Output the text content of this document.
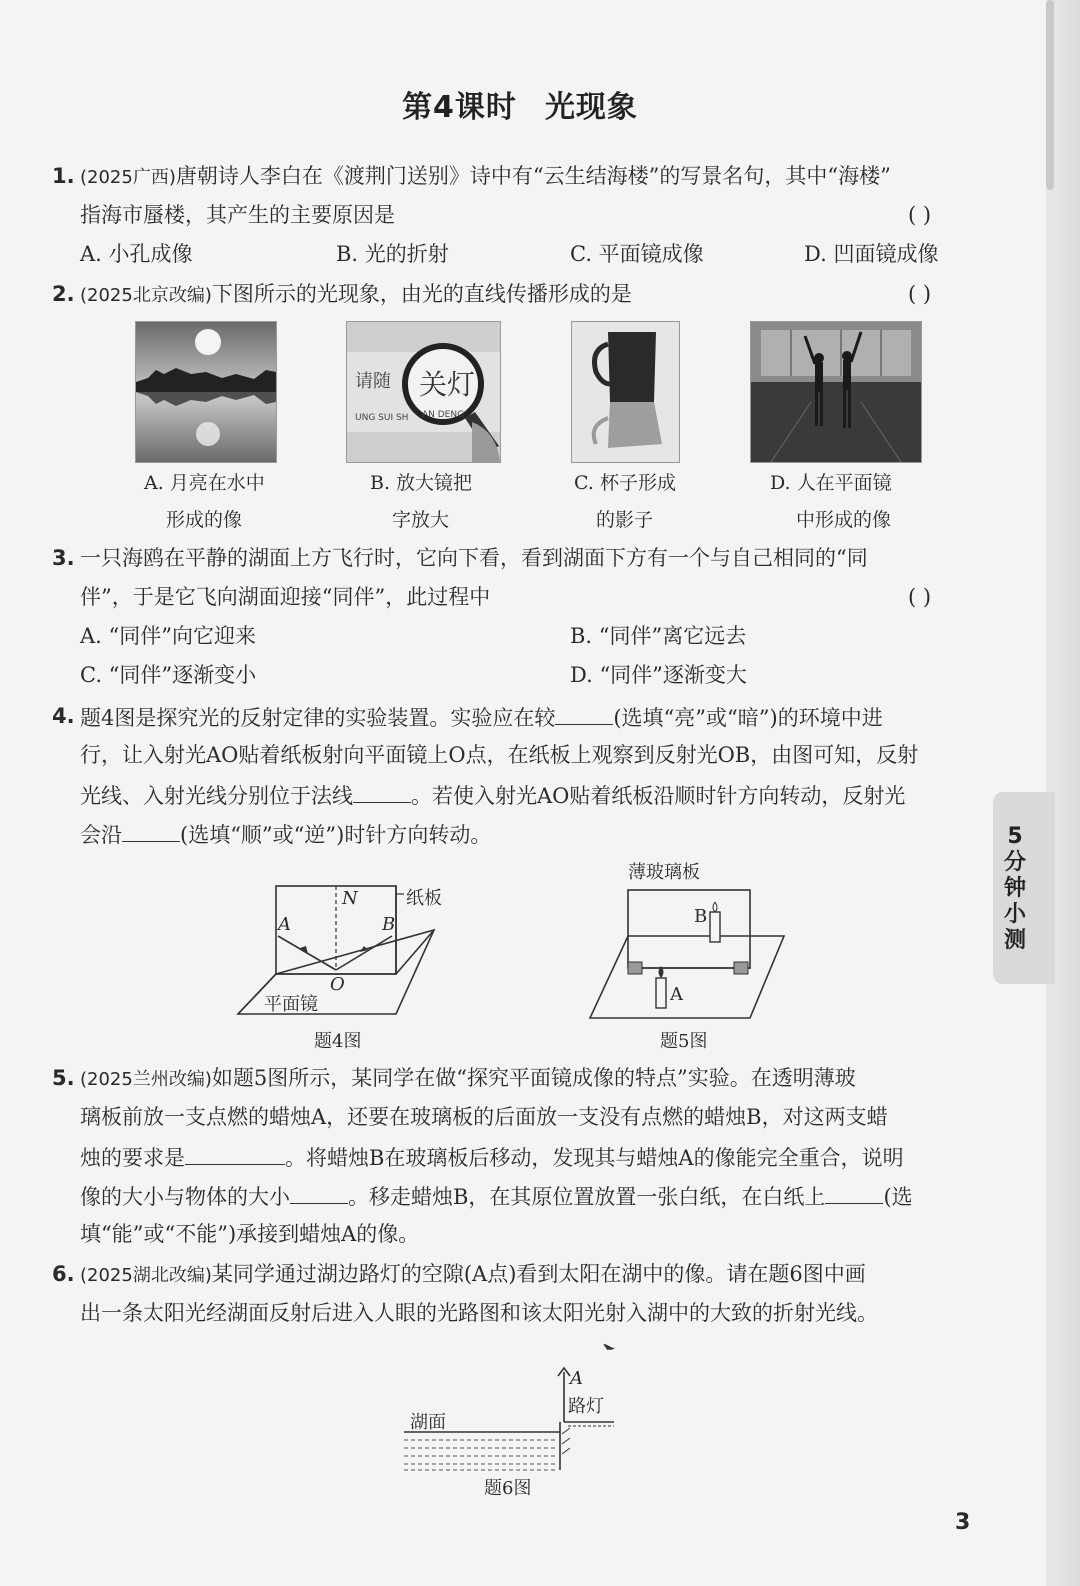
第4课时 光现象
1. (2025广西)唐朝诗人李白在《渡荆门送别》诗中有“云生结海楼”的写景名句，其中“海楼”
指海市蜃楼，其产生的主要原因是	( )
A. 小孔成像	B. 光的折射	C. 平面镜成像	D. 凹面镜成像
2. (2025北京改编)下图所示的光现象，由光的直线传播形成的是	( )
请随
UNG SUI SH
关灯
AN DENG
A. 月亮在水中
形成的像
B. 放大镜把
字放大
C. 杯子形成
的影子
D. 人在平面镜
中形成的像
3. 一只海鸥在平静的湖面上方飞行时，它向下看，看到湖面下方有一个与自己相同的“同
伴”，于是它飞向湖面迎接“同伴”，此过程中	( )
A. “同伴”向它迎来	B. “同伴”离它远去
C. “同伴”逐渐变小	D. “同伴”逐渐变大
4. 题4图是探究光的反射定律的实验装置。实验应在较	(选填“亮”或“暗”)的环境中进
行，让入射光AO贴着纸板射向平面镜上O点，在纸板上观察到反射光OB，由图可知，反射
光线、入射光线分别位于法线	。若使入射光AO贴着纸板沿顺时针方向转动，反射光
会沿	(选填“顺”或“逆”)时针方向转动。
N
A	B
O
纸板
平面镜
题4图
薄玻璃板
B
A
题5图
5. (2025兰州改编)如题5图所示，某同学在做“探究平面镜成像的特点”实验。在透明薄玻
璃板前放一支点燃的蜡烛A，还要在玻璃板的后面放一支没有点燃的蜡烛B，对这两支蜡
烛的要求是	。将蜡烛B在玻璃板后移动，发现其与蜡烛A的像能完全重合，说明
像的大小与物体的大小	。移走蜡烛B，在其原位置放置一张白纸，在白纸上	(选
填“能”或“不能”)承接到蜡烛A的像。
6. (2025湖北改编)某同学通过湖边路灯的空隙(A点)看到太阳在湖中的像。请在题6图中画
出一条太阳光经湖面反射后进入人眼的光路图和该太阳光射入湖中的大致的折射光线。
A
路灯
湖面
题6图
5
分
钟
小
测
3
